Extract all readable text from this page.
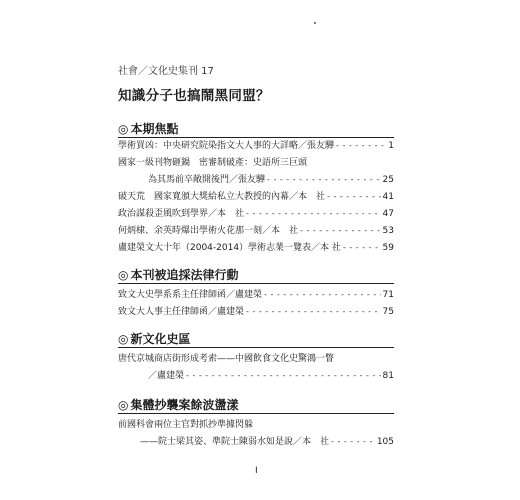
社會／文化史集刊 17
知識分子也搞鬧黑同盟？
◎ 本期焦點
學術買凶：中央研究院染指文大人事的大詳略／張友驊 - - -	1
國家一級刊物砸鍋　密審制破產：史語所三巨頭
為其馬前卒敞開後門／張友驊 - - -	25
破天荒　國家寬頒大獎給私立大教授的內幕／本　社 - - -	41
政治謀殺歪風吹到學界／本　社 - - -	47
何炳棣、余英時爆出學術火花那一刻／本　社 - - -	53
盧建榮文大十年（2004-2014）學術志業一覽表／本 社 - - -	59
◎ 本刊被追採法律行動
致文大史學系系主任律師函／盧建榮 - - -	71
致文大人事主任律師函／盧建榮 - - -	75
◎ 新文化史區
唐代京城商店街形成考索——中國飲食文化史驚鴻一瞥
／盧建榮 - - -	81
◎ 集體抄襲案餘波盪漾
前國科會兩位主官對抓抄準據閃躲
——院士梁其姿、準院士陳弱水如是說／本　社 - - -	105
I
